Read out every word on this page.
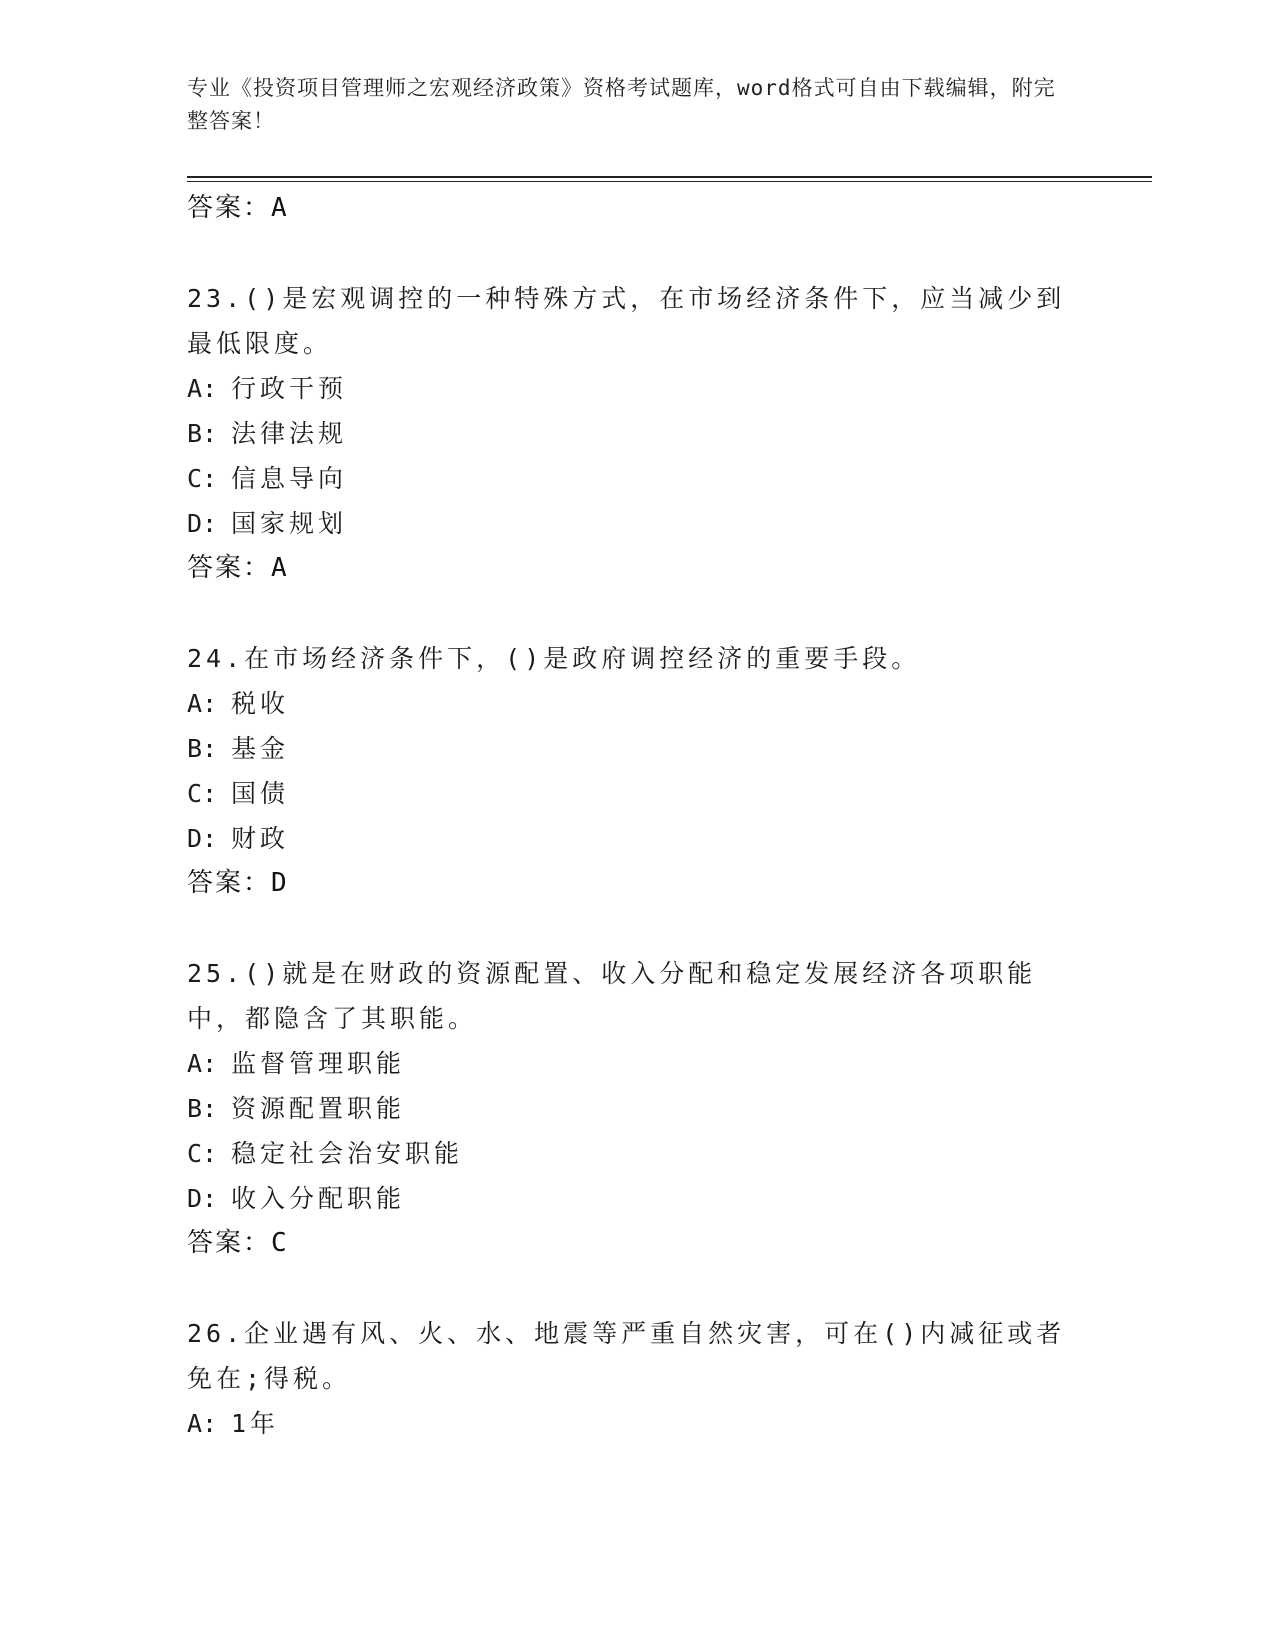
专业《投资项目管理师之宏观经济政策》资格考试题库，word格式可自由下载编辑，附完整答案！
答案：A
23.()是宏观调控的一种特殊方式，在市场经济条件下，应当减少到最低限度。
A: 行政干预
B: 法律法规
C: 信息导向
D: 国家规划
答案：A
24.在市场经济条件下，()是政府调控经济的重要手段。
A: 税收
B: 基金
C: 国债
D: 财政
答案：D
25.()就是在财政的资源配置、收入分配和稳定发展经济各项职能中，都隐含了其职能。
A: 监督管理职能
B: 资源配置职能
C: 稳定社会治安职能
D: 收入分配职能
答案：C
26.企业遇有风、火、水、地震等严重自然灾害，可在()内减征或者免在;得税。
A: 1年
